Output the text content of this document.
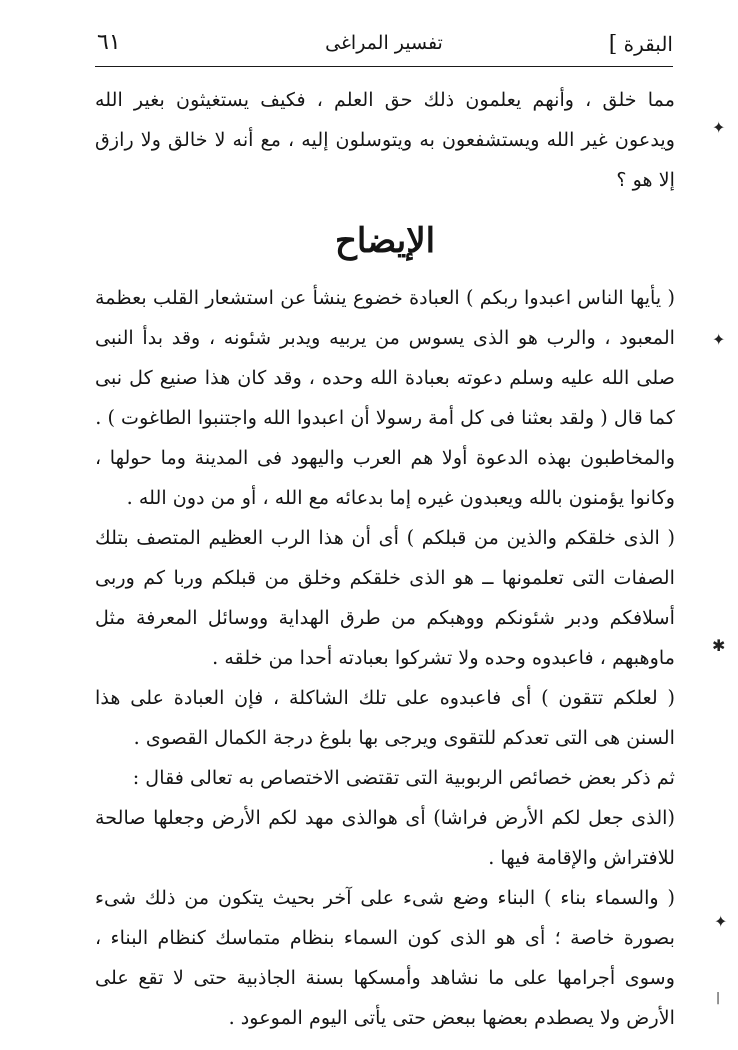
البقرة ]
تفسير المراغى
٦١

مما خلق ، وأنهم يعلمون ذلك حق العلم ، فكيف يستغيثون بغير الله ويدعون غير الله ويستشفعون به ويتوسلون إليه ، مع أنه لا خالق ولا رازق إلا هو ؟

الإيضاح

( يأيها الناس اعبدوا ربكم ) العبادة خضوع ينشأ عن استشعار القلب بعظمة المعبود ، والرب هو الذى يسوس من يربيه ويدبر شئونه ، وقد بدأ النبى صلى الله عليه وسلم دعوته بعبادة الله وحده ، وقد كان هذا صنيع كل نبى كما قال ( ولقد بعثنا فى كل أمة رسولا أن اعبدوا الله واجتنبوا الطاغوت ) .

والمخاطبون بهذه الدعوة أولا هم العرب واليهود فى المدينة وما حولها ، وكانوا يؤمنون بالله ويعبدون غيره إما بدعائه مع الله ، أو من دون الله .

( الذى خلقكم والذين من قبلكم ) أى أن هذا الرب العظيم المتصف بتلك الصفات التى تعلمونها ــ هو الذى خلقكم وخلق من قبلكم وربا كم وربى أسلافكم ودبر شئونكم ووهبكم من طرق الهداية ووسائل المعرفة مثل ماوهبهم ، فاعبدوه وحده ولا تشركوا بعبادته أحدا من خلقه .

( لعلكم تتقون ) أى فاعبدوه على تلك الشاكلة ، فإن العبادة على هذا السنن هى التى تعدكم للتقوى ويرجى بها بلوغ درجة الكمال القصوى .

ثم ذكر بعض خصائص الربوبية التى تقتضى الاختصاص به تعالى فقال :

(الذى جعل لكم الأرض فراشا) أى هوالذى مهد لكم الأرض وجعلها صالحة للافتراش والإقامة فيها .

( والسماء بناء ) البناء وضع شىء على آخر بحيث يتكون من ذلك شىء بصورة خاصة ؛ أى هو الذى كون السماء بنظام متماسك كنظام البناء ، وسوى أجرامها على ما نشاهد وأمسكها بسنة الجاذبية حتى لا تقع على الأرض ولا يصطدم بعضها ببعض حتى يأتى اليوم الموعود .

✦
✦
✱
✦
|
